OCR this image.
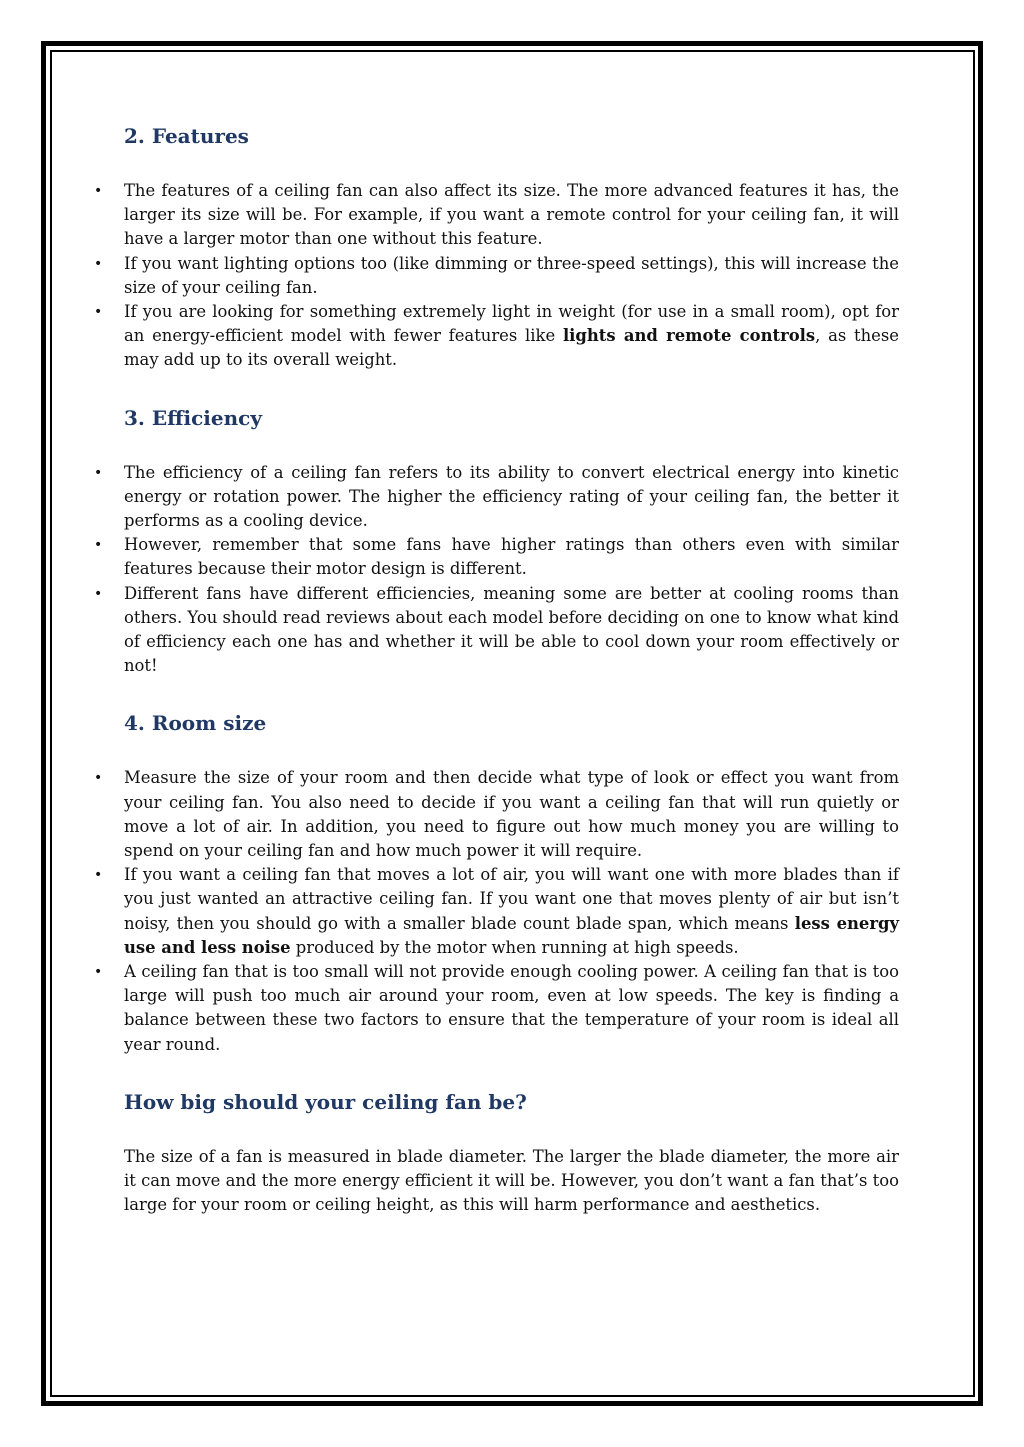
2. Features
• The features of a ceiling fan can also affect its size. The more advanced features it has, the larger its size will be. For example, if you want a remote control for your ceiling fan, it will have a larger motor than one without this feature.
• If you want lighting options too (like dimming or three-speed settings), this will increase the size of your ceiling fan.
• If you are looking for something extremely light in weight (for use in a small room), opt for an energy-efficient model with fewer features like lights and remote controls, as these may add up to its overall weight.
3. Efficiency
• The efficiency of a ceiling fan refers to its ability to convert electrical energy into kinetic energy or rotation power. The higher the efficiency rating of your ceiling fan, the better it performs as a cooling device.
• However, remember that some fans have higher ratings than others even with similar features because their motor design is different.
• Different fans have different efficiencies, meaning some are better at cooling rooms than others. You should read reviews about each model before deciding on one to know what kind of efficiency each one has and whether it will be able to cool down your room effectively or not!
4. Room size
• Measure the size of your room and then decide what type of look or effect you want from your ceiling fan. You also need to decide if you want a ceiling fan that will run quietly or move a lot of air. In addition, you need to figure out how much money you are willing to spend on your ceiling fan and how much power it will require.
• If you want a ceiling fan that moves a lot of air, you will want one with more blades than if you just wanted an attractive ceiling fan. If you want one that moves plenty of air but isn’t noisy, then you should go with a smaller blade count blade span, which means less energy use and less noise produced by the motor when running at high speeds.
• A ceiling fan that is too small will not provide enough cooling power. A ceiling fan that is too large will push too much air around your room, even at low speeds. The key is finding a balance between these two factors to ensure that the temperature of your room is ideal all year round.
How big should your ceiling fan be?

The size of a fan is measured in blade diameter. The larger the blade diameter, the more air it can move and the more energy efficient it will be. However, you don’t want a fan that’s too large for your room or ceiling height, as this will harm performance and aesthetics.
